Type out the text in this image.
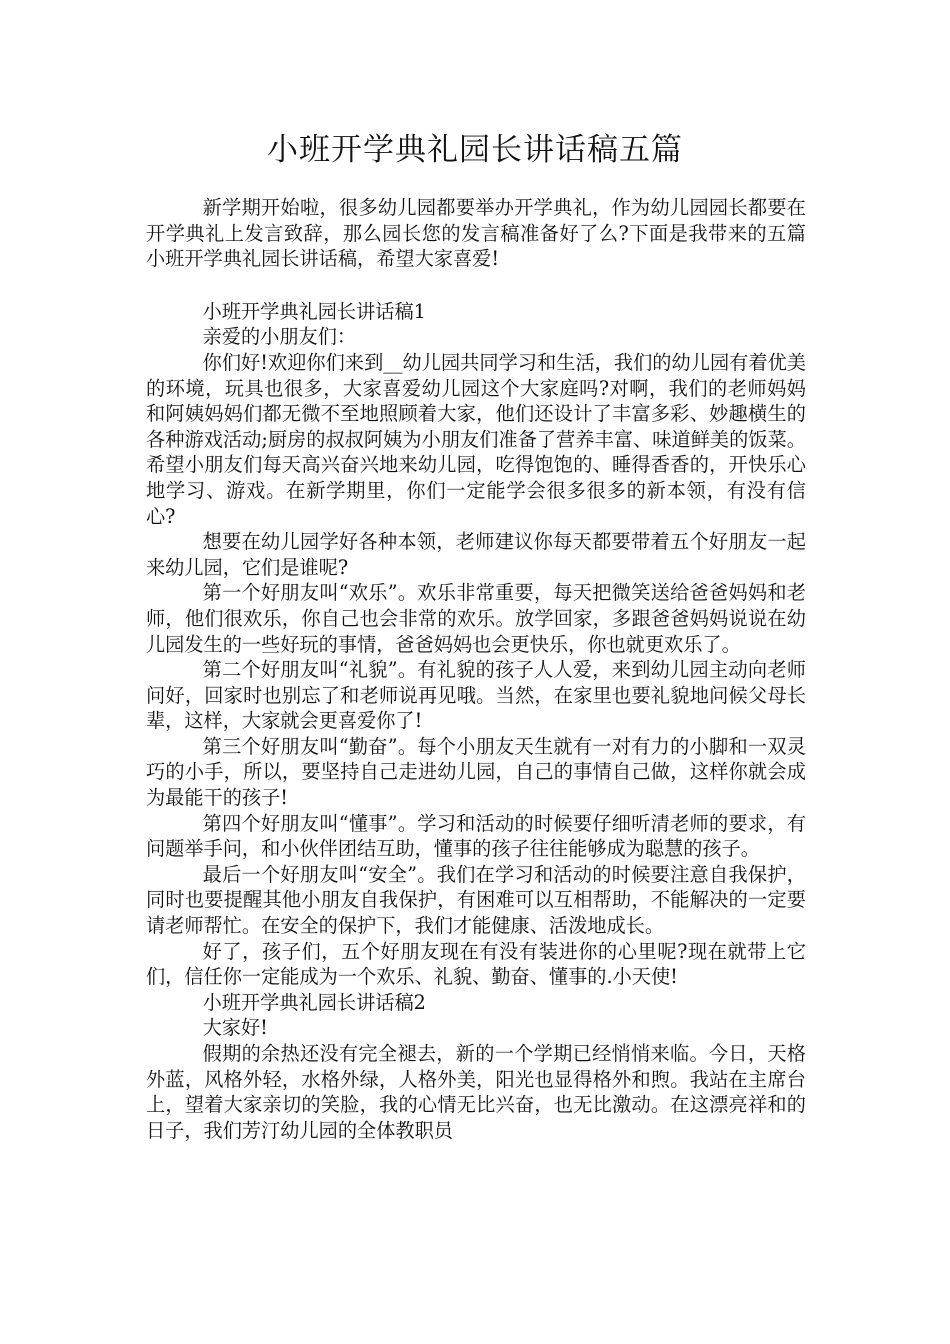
小班开学典礼园长讲话稿五篇

新学期开始啦，很多幼儿园都要举办开学典礼，作为幼儿园园长都要在开学典礼上发言致辞，那么园长您的发言稿准备好了么?下面是我带来的五篇小班开学典礼园长讲话稿，希望大家喜爱!

小班开学典礼园长讲话稿1

亲爱的小朋友们：

你们好!欢迎你们来到__幼儿园共同学习和生活，我们的幼儿园有着优美的环境，玩具也很多，大家喜爱幼儿园这个大家庭吗?对啊，我们的老师妈妈和阿姨妈妈们都无微不至地照顾着大家，他们还设计了丰富多彩、妙趣横生的各种游戏活动;厨房的叔叔阿姨为小朋友们准备了营养丰富、味道鲜美的饭菜。希望小朋友们每天高兴奋兴地来幼儿园，吃得饱饱的、睡得香香的，开快乐心地学习、游戏。在新学期里，你们一定能学会很多很多的新本领，有没有信心?

想要在幼儿园学好各种本领，老师建议你每天都要带着五个好朋友一起来幼儿园，它们是谁呢?

第一个好朋友叫“欢乐”。欢乐非常重要，每天把微笑送给爸爸妈妈和老师，他们很欢乐，你自己也会非常的欢乐。放学回家，多跟爸爸妈妈说说在幼儿园发生的一些好玩的事情，爸爸妈妈也会更快乐，你也就更欢乐了。

第二个好朋友叫“礼貌”。有礼貌的孩子人人爱，来到幼儿园主动向老师问好，回家时也别忘了和老师说再见哦。当然，在家里也要礼貌地问候父母长辈，这样，大家就会更喜爱你了!

第三个好朋友叫“勤奋”。每个小朋友天生就有一对有力的小脚和一双灵巧的小手，所以，要坚持自己走进幼儿园，自己的事情自己做，这样你就会成为最能干的孩子!

第四个好朋友叫“懂事”。学习和活动的时候要仔细听清老师的要求，有问题举手问，和小伙伴团结互助，懂事的孩子往往能够成为聪慧的孩子。

最后一个好朋友叫“安全”。我们在学习和活动的时候要注意自我保护，同时也要提醒其他小朋友自我保护，有困难可以互相帮助，不能解决的一定要请老师帮忙。在安全的保护下，我们才能健康、活泼地成长。

好了，孩子们，五个好朋友现在有没有装进你的心里呢?现在就带上它们，信任你一定能成为一个欢乐、礼貌、勤奋、懂事的.小天使!

小班开学典礼园长讲话稿2

大家好!

假期的余热还没有完全褪去，新的一个学期已经悄悄来临。今日，天格外蓝，风格外轻，水格外绿，人格外美，阳光也显得格外和煦。我站在主席台上，望着大家亲切的笑脸，我的心情无比兴奋，也无比激动。在这漂亮祥和的日子，我们芳汀幼儿园的全体教职员
